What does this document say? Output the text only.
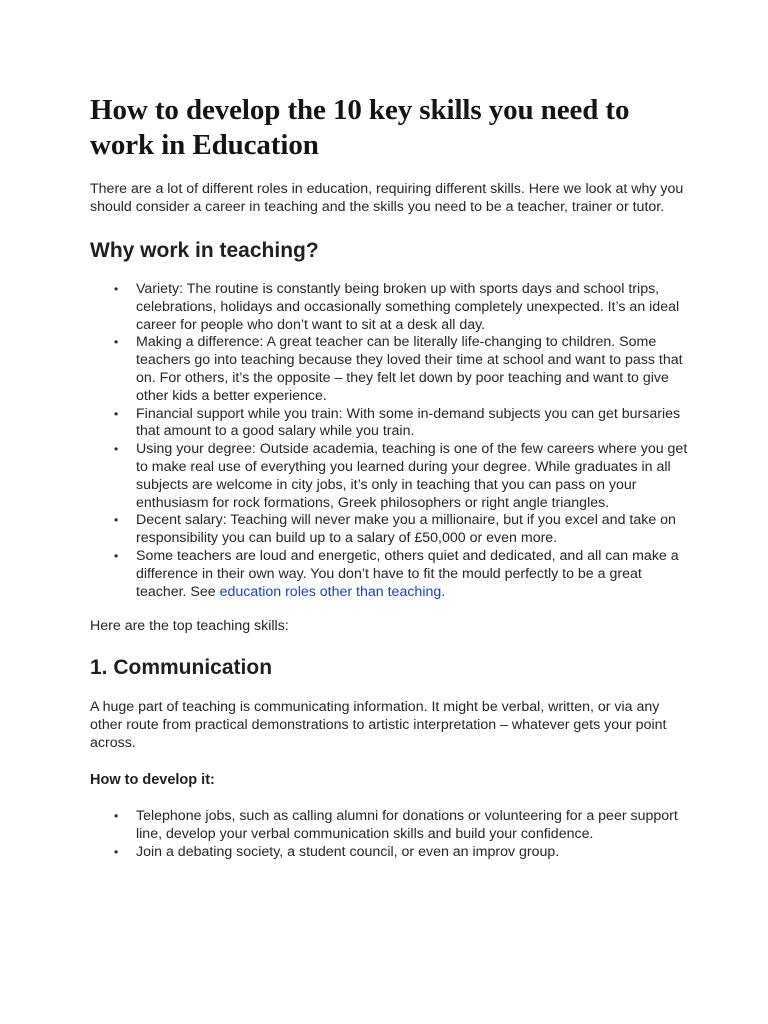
How to develop the 10 key skills you need to work in Education

There are a lot of different roles in education, requiring different skills. Here we look at why you should consider a career in teaching and the skills you need to be a teacher, trainer or tutor.

Why work in teaching?
• Variety: The routine is constantly being broken up with sports days and school trips, celebrations, holidays and occasionally something completely unexpected. It’s an ideal career for people who don’t want to sit at a desk all day.
• Making a difference: A great teacher can be literally life-changing to children. Some teachers go into teaching because they loved their time at school and want to pass that on. For others, it’s the opposite – they felt let down by poor teaching and want to give other kids a better experience.
• Financial support while you train: With some in-demand subjects you can get bursaries that amount to a good salary while you train.
• Using your degree: Outside academia, teaching is one of the few careers where you get to make real use of everything you learned during your degree. While graduates in all subjects are welcome in city jobs, it’s only in teaching that you can pass on your enthusiasm for rock formations, Greek philosophers or right angle triangles.
• Decent salary: Teaching will never make you a millionaire, but if you excel and take on responsibility you can build up to a salary of £50,000 or even more.
• Some teachers are loud and energetic, others quiet and dedicated, and all can make a difference in their own way. You don’t have to fit the mould perfectly to be a great teacher. See education roles other than teaching.

Here are the top teaching skills:

1. Communication

A huge part of teaching is communicating information. It might be verbal, written, or via any other route from practical demonstrations to artistic interpretation – whatever gets your point across.

How to develop it:
• Telephone jobs, such as calling alumni for donations or volunteering for a peer support line, develop your verbal communication skills and build your confidence.
• Join a debating society, a student council, or even an improv group.
